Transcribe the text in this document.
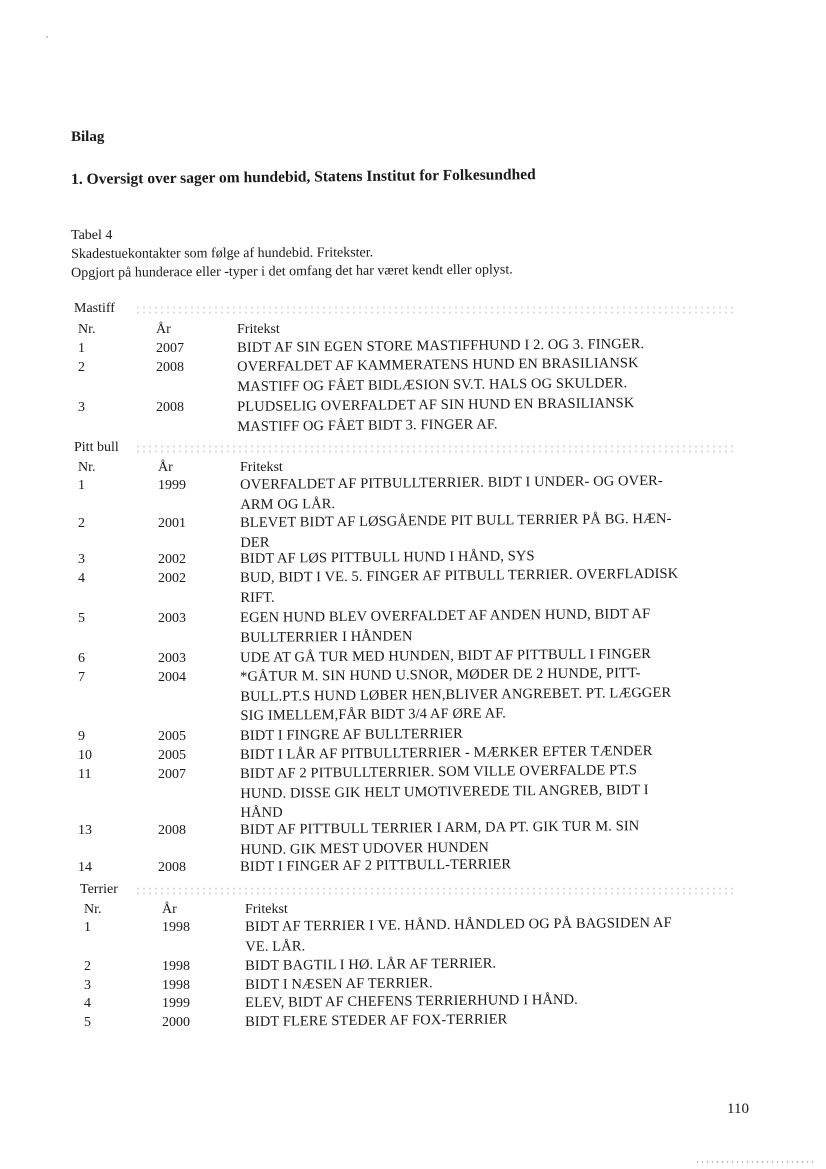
Bilag
1. Oversigt over sager om hundebid, Statens Institut for Folkesundhed
Tabel 4
Skadestuekontakter som følge af hundebid. Fritekster.
Opgjort på hunderace eller -typer i det omfang det har været kendt eller oplyst.
Mastiff
Nr.	År	Fritekst
1	2007	BIDT AF SIN EGEN STORE MASTIFFHUND I 2. OG 3. FINGER.
2	2008	OVERFALDET AF KAMMERATENS HUND EN BRASILIANSK
MASTIFF OG FÅET BIDLÆSION SV.T. HALS OG SKULDER.
3	2008	PLUDSELIG OVERFALDET AF SIN HUND EN BRASILIANSK
MASTIFF OG FÅET BIDT 3. FINGER AF.
Pitt bull
Nr.	År	Fritekst
1	1999	OVERFALDET AF PITBULLTERRIER. BIDT I UNDER- OG OVER-
ARM OG LÅR.
2	2001	BLEVET BIDT AF LØSGÅENDE PIT BULL TERRIER PÅ BG. HÆN-
DER
3	2002	BIDT AF LØS PITTBULL HUND I HÅND, SYS
4	2002	BUD, BIDT I VE. 5. FINGER AF PITBULL TERRIER. OVERFLADISK
RIFT.
5	2003	EGEN HUND BLEV OVERFALDET AF ANDEN HUND, BIDT AF
BULLTERRIER I HÅNDEN
6	2003	UDE AT GÅ TUR MED HUNDEN, BIDT AF PITTBULL I FINGER
7	2004	*GÅTUR M. SIN HUND U.SNOR, MØDER DE 2 HUNDE, PITT-
BULL.PT.S HUND LØBER HEN,BLIVER ANGREBET. PT. LÆGGER
SIG IMELLEM,FÅR BIDT 3/4 AF ØRE AF.
9	2005	BIDT I FINGRE AF BULLTERRIER
10	2005	BIDT I LÅR AF PITBULLTERRIER - MÆRKER EFTER TÆNDER
11	2007	BIDT AF 2 PITBULLTERRIER. SOM VILLE OVERFALDE PT.S
HUND. DISSE GIK HELT UMOTIVEREDE TIL ANGREB, BIDT I
HÅND
13	2008	BIDT AF PITTBULL TERRIER I ARM, DA PT. GIK TUR M. SIN
HUND. GIK MEST UDOVER HUNDEN
14	2008	BIDT I FINGER AF 2 PITTBULL-TERRIER
Terrier
Nr.	År	Fritekst
1	1998	BIDT AF TERRIER I VE. HÅND. HÅNDLED OG PÅ BAGSIDEN AF
VE. LÅR.
2	1998	BIDT BAGTIL I HØ. LÅR AF TERRIER.
3	1998	BIDT I NÆSEN AF TERRIER.
4	1999	ELEV, BIDT AF CHEFENS TERRIERHUND I HÅND.
5	2000	BIDT FLERE STEDER AF FOX-TERRIER
110
